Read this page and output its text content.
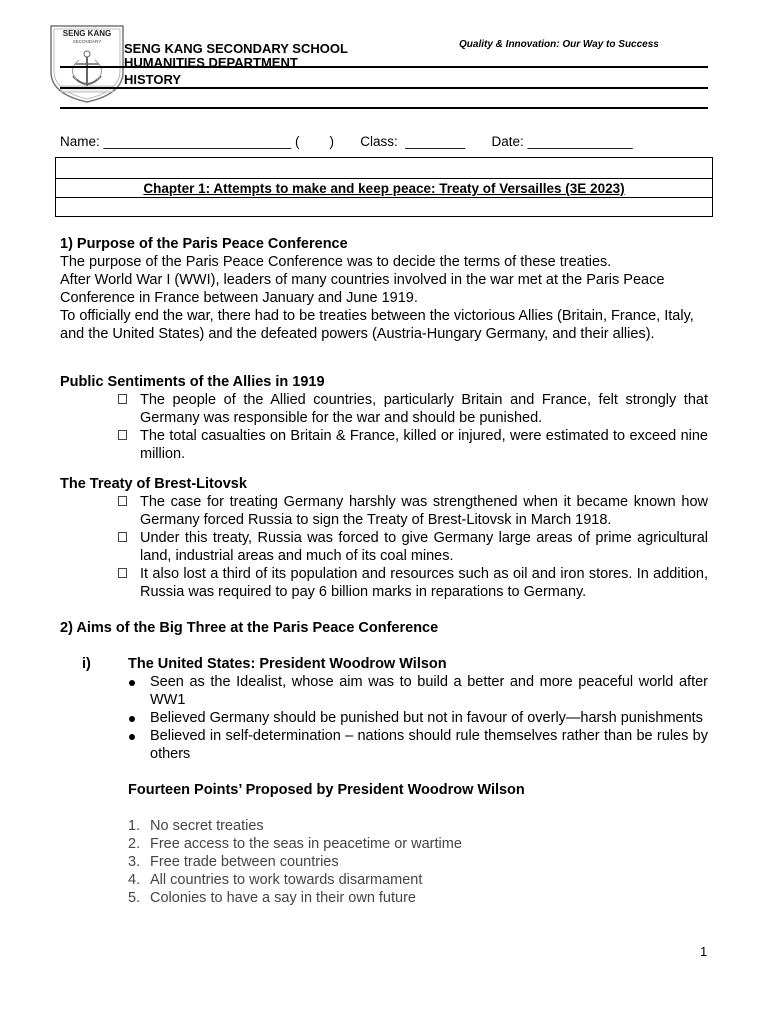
SENG KANG
SECONDARY SENG KANG SECONDARY SCHOOL
HUMANITIES DEPARTMENT
HISTORY
Quality & Innovation: Our Way to Success
Name: _________________________ (        )       Class:  ________       Date: ______________
Chapter 1: Attempts to make and keep peace: Treaty of Versailles (3E 2023)

1) Purpose of the Paris Peace Conference

The purpose of the Paris Peace Conference was to decide the terms of these treaties.

After World War I (WWI), leaders of many countries involved in the war met at the Paris Peace Conference in France between January and June 1919.

To officially end the war, there had to be treaties between the victorious Allies (Britain, France, Italy, and the United States) and the defeated powers (Austria-Hungary Germany, and their allies).

Public Sentiments of the Allies in 1919

The people of the Allied countries, particularly Britain and France, felt strongly that Germany was responsible for the war and should be punished.
The total casualties on Britain & France, killed or injured, were estimated to exceed nine million.

The Treaty of Brest-Litovsk

The case for treating Germany harshly was strengthened when it became known how Germany forced Russia to sign the Treaty of Brest-Litovsk in March 1918.
Under this treaty, Russia was forced to give Germany large areas of prime agricultural land, industrial areas and much of its coal mines.
It also lost a third of its population and resources such as oil and iron stores. In addition, Russia was required to pay 6 billion marks in reparations to Germany.

2) Aims of the Big Three at the Paris Peace Conference

i)	The United States: President Woodrow Wilson

Seen as the Idealist, whose aim was to build a better and more peaceful world after WW1
Believed Germany should be punished but not in favour of overly—harsh punishments
Believed in self-determination – nations should rule themselves rather than be rules by others

Fourteen Points’ Proposed by President Woodrow Wilson

1. No secret treaties
2. Free access to the seas in peacetime or wartime
3. Free trade between countries
4. All countries to work towards disarmament
5. Colonies to have a say in their own future
1
